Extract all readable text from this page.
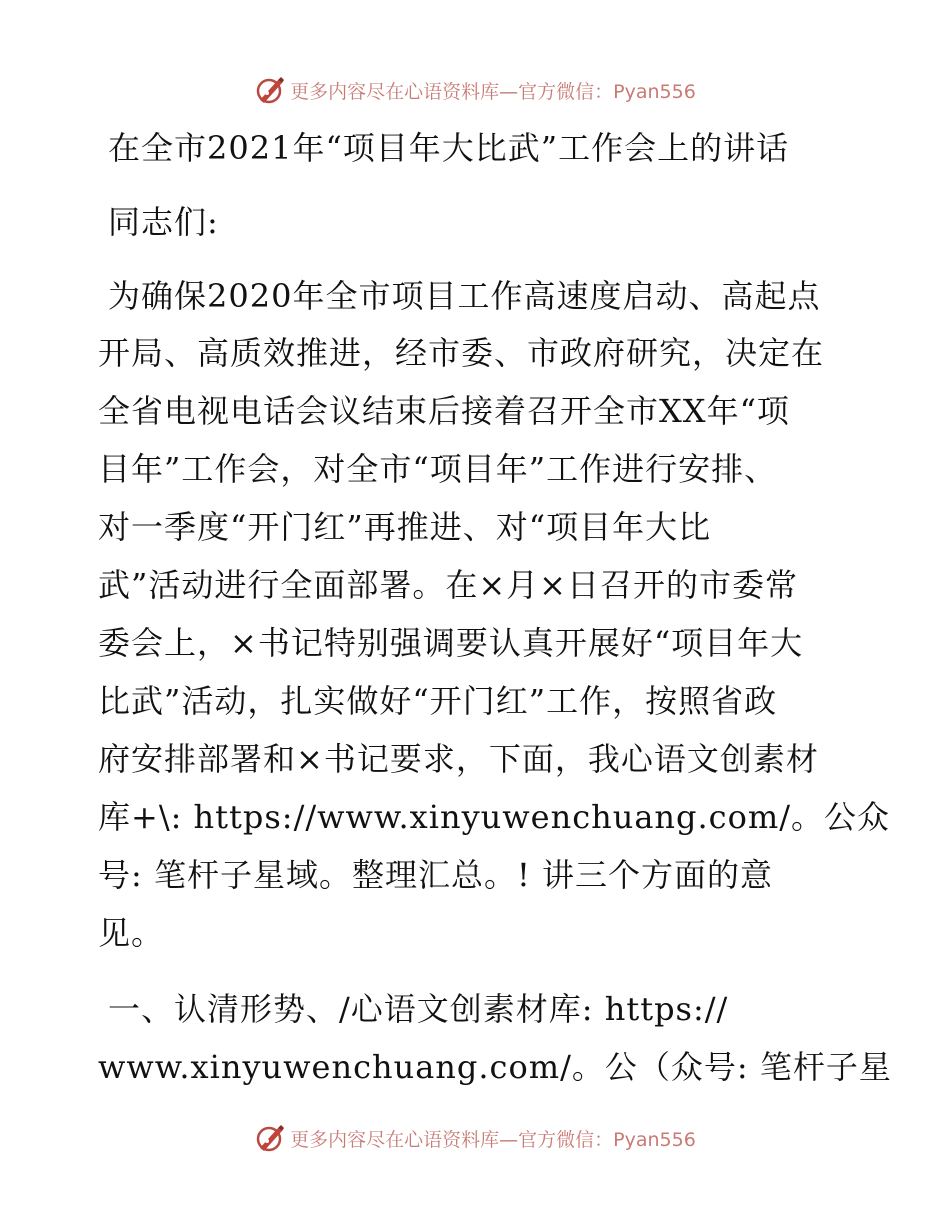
更多内容尽在心语资料库—官方微信：Pyan556
在全市2021年“项目年大比武”工作会上的讲话
同志们:
为确保2020年全市项目工作高速度启动、高起点
开局、高质效推进，经市委、市政府研究，决定在
全省电视电话会议结束后接着召开全市XX年“项
目年”工作会，对全市“项目年”工作进行安排、
对一季度“开门红”再推进、对“项目年大比
武”活动进行全面部署。在×月×日召开的市委常
委会上，×书记特别强调要认真开展好“项目年大
比武”活动，扎实做好“开门红”工作，按照省政
府安排部署和×书记要求，下面，我心语文创素材
库+\: https://www.xinyuwenchuang.com/。公众
号: 笔杆子星域。整理汇总。! 讲三个方面的意
见。
一、认清形势、/心语文创素材库: https://
www.xinyuwenchuang.com/。公（众号: 笔杆子星
更多内容尽在心语资料库—官方微信：Pyan556
